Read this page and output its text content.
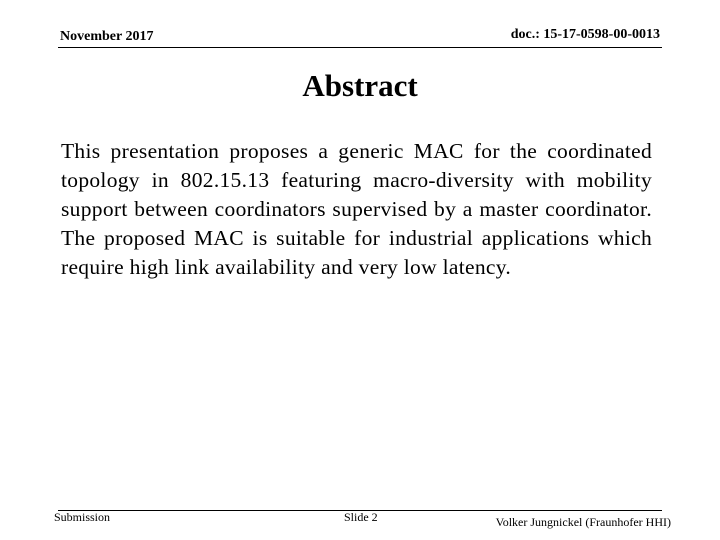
November 2017	doc.: 15-17-0598-00-0013
Abstract

This presentation proposes a generic MAC for the coordinated topology in 802.15.13 featuring macro-diversity with mobility support between coordinators supervised by a master coordinator. The proposed MAC is suitable for industrial applications which require high link availability and very low latency.

Submission	Slide 2	Volker Jungnickel (Fraunhofer HHI)
